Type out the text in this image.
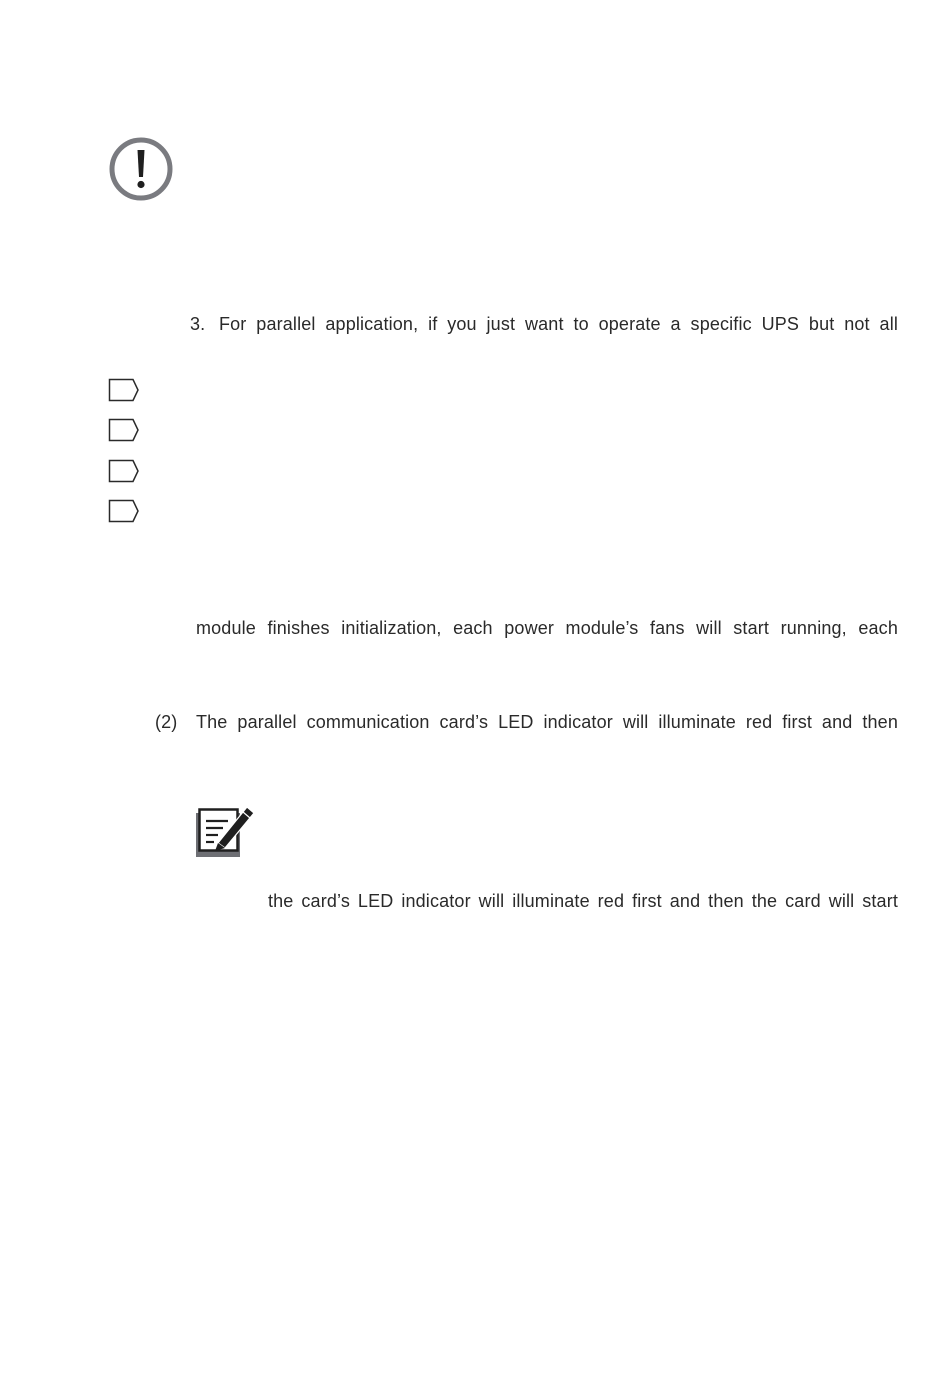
3. For parallel application, if you just want to operate a specific UPS but not all
module finishes initialization, each power module’s fans will start running, each
(2) The parallel communication card’s LED indicator will illuminate red first and then
the card’s LED indicator will illuminate red first and then the card will start
